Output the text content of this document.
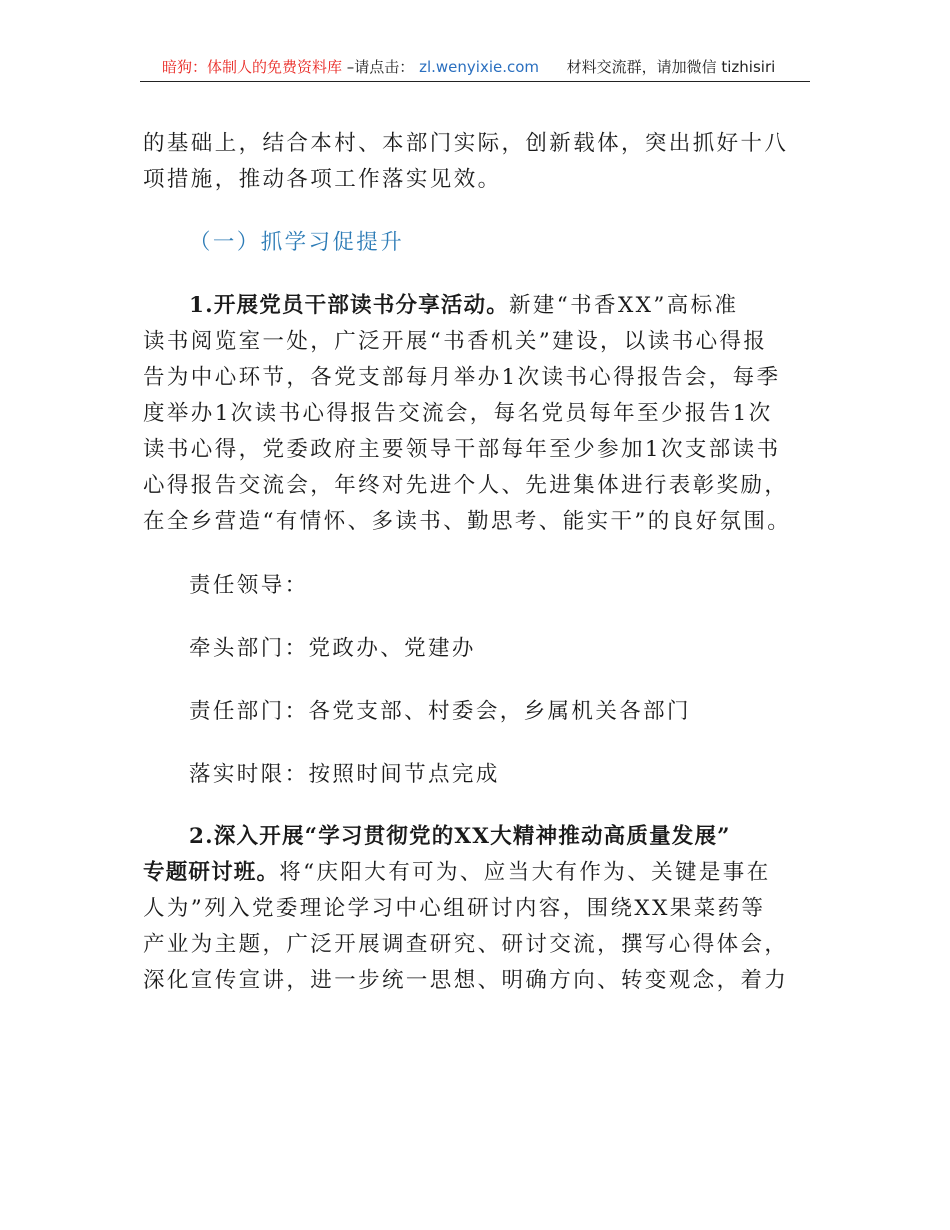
暗狗：体制人的免费资料库 –请点击： zl.wenyixie.com 材料交流群，请加微信 tizhisiri
的基础上，结合本村、本部门实际，创新载体，突出抓好十八
项措施，推动各项工作落实见效。
（一）抓学习促提升
1.开展党员干部读书分享活动。新建“书香XX”高标准
读书阅览室一处，广泛开展“书香机关”建设，以读书心得报
告为中心环节，各党支部每月举办1次读书心得报告会，每季
度举办1次读书心得报告交流会，每名党员每年至少报告1次
读书心得，党委政府主要领导干部每年至少参加1次支部读书
心得报告交流会，年终对先进个人、先进集体进行表彰奖励，
在全乡营造“有情怀、多读书、勤思考、能实干”的良好氛围。
责任领导：
牵头部门：党政办、党建办
责任部门：各党支部、村委会，乡属机关各部门
落实时限：按照时间节点完成
2.深入开展“学习贯彻党的XX大精神推动高质量发展”
专题研讨班。将“庆阳大有可为、应当大有作为、关键是事在
人为”列入党委理论学习中心组研讨内容，围绕XX果菜药等
产业为主题，广泛开展调查研究、研讨交流，撰写心得体会，
深化宣传宣讲，进一步统一思想、明确方向、转变观念，着力
